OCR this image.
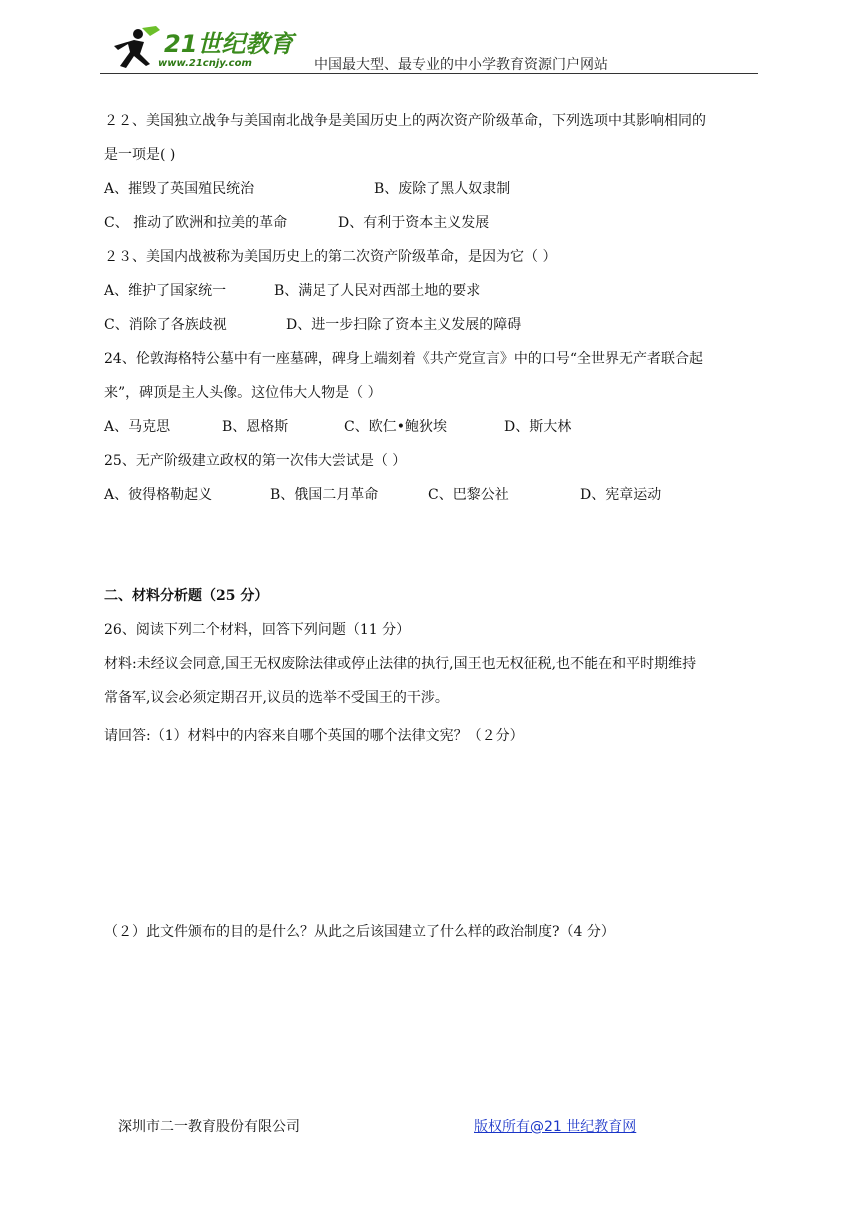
21世纪教育
www.21cnjy.com	中国最大型、最专业的中小学教育资源门户网站
２２、美国独立战争与美国南北战争是美国历史上的两次资产阶级革命，下列选项中其影响相同的
是一项是( )
A、摧毁了英国殖民统治	B、废除了黑人奴隶制
C、 推动了欧洲和拉美的革命	D、有利于资本主义发展
２３、美国内战被称为美国历史上的第二次资产阶级革命，是因为它（ ）
A、维护了国家统一	B、满足了人民对西部土地的要求
C、消除了各族歧视	D、进一步扫除了资本主义发展的障碍
24、伦敦海格特公墓中有一座墓碑，碑身上端刻着《共产党宣言》中的口号“全世界无产者联合起
来”，碑顶是主人头像。这位伟大人物是（ ）
A、马克思	B、恩格斯	C、欧仁•鲍狄埃	D、斯大林
25、无产阶级建立政权的第一次伟大尝试是（ ）
A、彼得格勒起义	B、俄国二月革命	C、巴黎公社	D、宪章运动
二、材料分析题（25 分）
26、阅读下列二个材料，回答下列问题（11 分）
材料:未经议会同意,国王无权废除法律或停止法律的执行,国王也无权征税,也不能在和平时期维持
常备军,议会必须定期召开,议员的选举不受国王的干涉。
请回答:（1）材料中的内容来自哪个英国的哪个法律文宪？（２分）
（２）此文件颁布的目的是什么？从此之后该国建立了什么样的政治制度?（4 分）
深圳市二一教育股份有限公司	版权所有@21 世纪教育网
